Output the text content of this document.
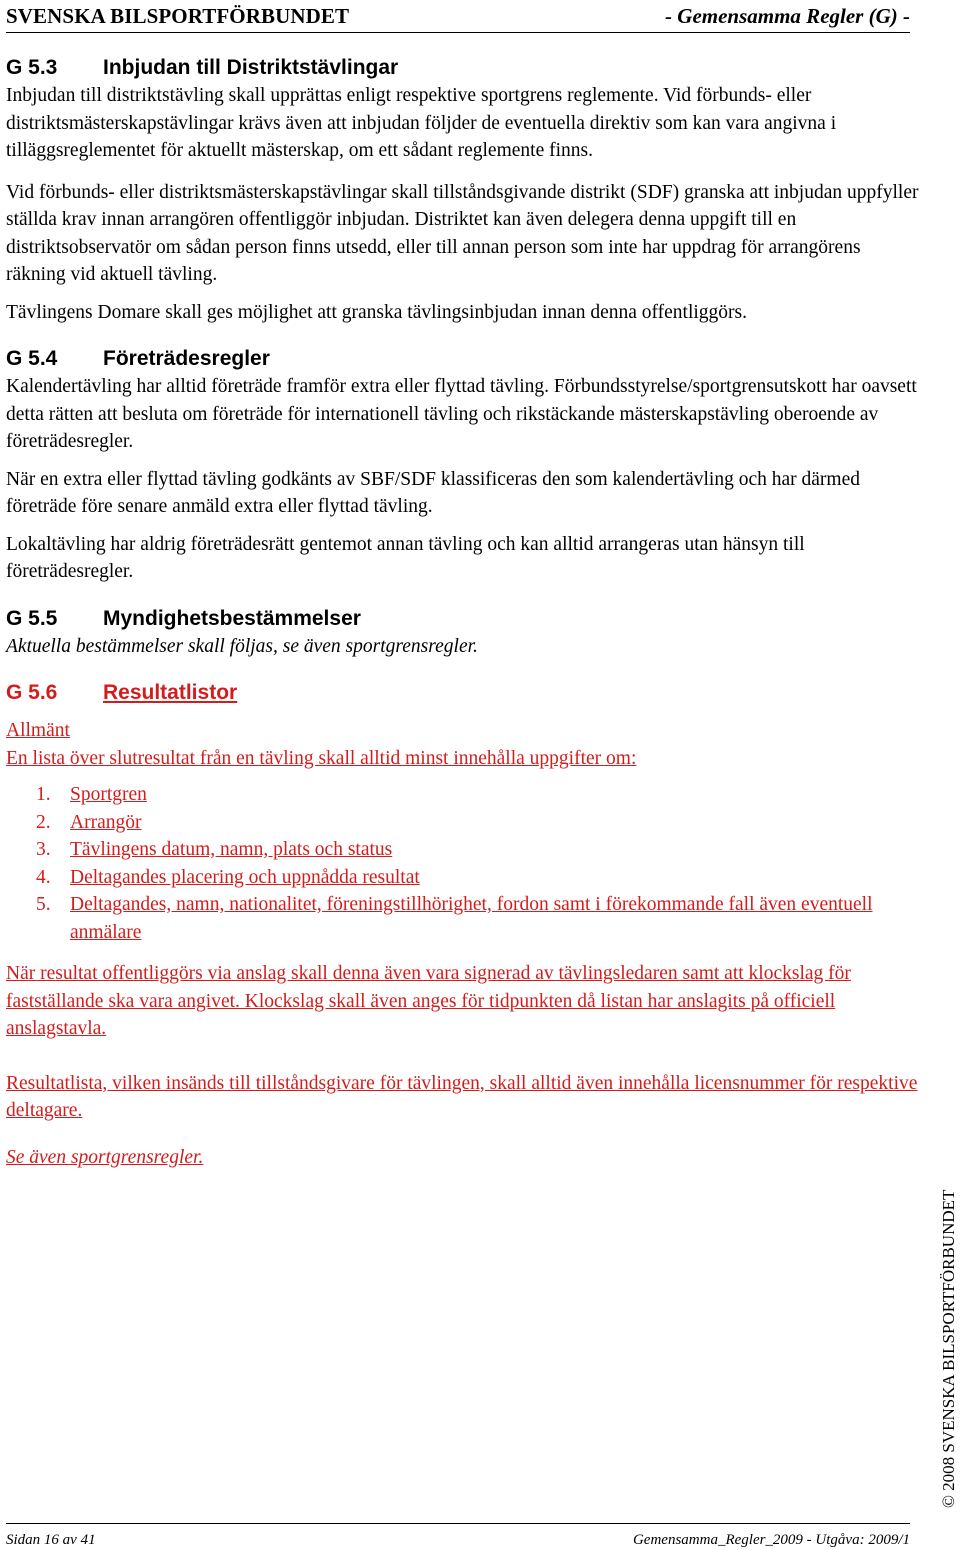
SVENSKA BILSPORTFÖRBUNDET	- Gemensamma Regler (G) -
G 5.3 Inbjudan till Distriktstävlingar

Inbjudan till distriktstävling skall upprättas enligt respektive sportgrens reglemente. Vid förbunds- eller distriktsmästerskapstävlingar krävs även att inbjudan följder de eventuella direktiv som kan vara angivna i tilläggsreglementet för aktuellt mästerskap, om ett sådant reglemente finns.

Vid förbunds- eller distriktsmästerskapstävlingar skall tillståndsgivande distrikt (SDF) granska att inbjudan uppfyller ställda krav innan arrangören offentliggör inbjudan. Distriktet kan även delegera denna uppgift till en distriktsobservatör om sådan person finns utsedd, eller till annan person som inte har uppdrag för arrangörens räkning vid aktuell tävling.

Tävlingens Domare skall ges möjlighet att granska tävlingsinbjudan innan denna offentliggörs.

G 5.4 Företrädesregler

Kalendertävling har alltid företräde framför extra eller flyttad tävling. Förbundsstyrelse/sportgrensutskott har oavsett detta rätten att besluta om företräde för internationell tävling och rikstäckande mästerskapstävling oberoende av företrädesregler.

När en extra eller flyttad tävling godkänts av SBF/SDF klassificeras den som kalendertävling och har därmed företräde före senare anmäld extra eller flyttad tävling.

Lokaltävling har aldrig företrädesrätt gentemot annan tävling och kan alltid arrangeras utan hänsyn till företrädesregler.

G 5.5 Myndighetsbestämmelser

Aktuella bestämmelser skall följas, se även sportgrensregler.

G 5.6 Resultatlistor

Allmänt

En lista över slutresultat från en tävling skall alltid minst innehålla uppgifter om:

1. Sportgren
2. Arrangör
3. Tävlingens datum, namn, plats och status
4. Deltagandes placering och uppnådda resultat
5. Deltagandes, namn, nationalitet, föreningstillhörighet, fordon samt i förekommande fall även eventuell anmälare

När resultat offentliggörs via anslag skall denna även vara signerad av tävlingsledaren samt att klockslag för fastställande ska vara angivet. Klockslag skall även anges för tidpunkten då listan har anslagits på officiell anslagstavla.

Resultatlista, vilken insänds till tillståndsgivare för tävlingen, skall alltid även innehålla licensnummer för respektive deltagare.

Se även sportgrensregler.

© 2008 SVENSKA BILSPORTFÖRBUNDET
Sidan 16 av 41	Gemensamma_Regler_2009 - Utgåva: 2009/1
